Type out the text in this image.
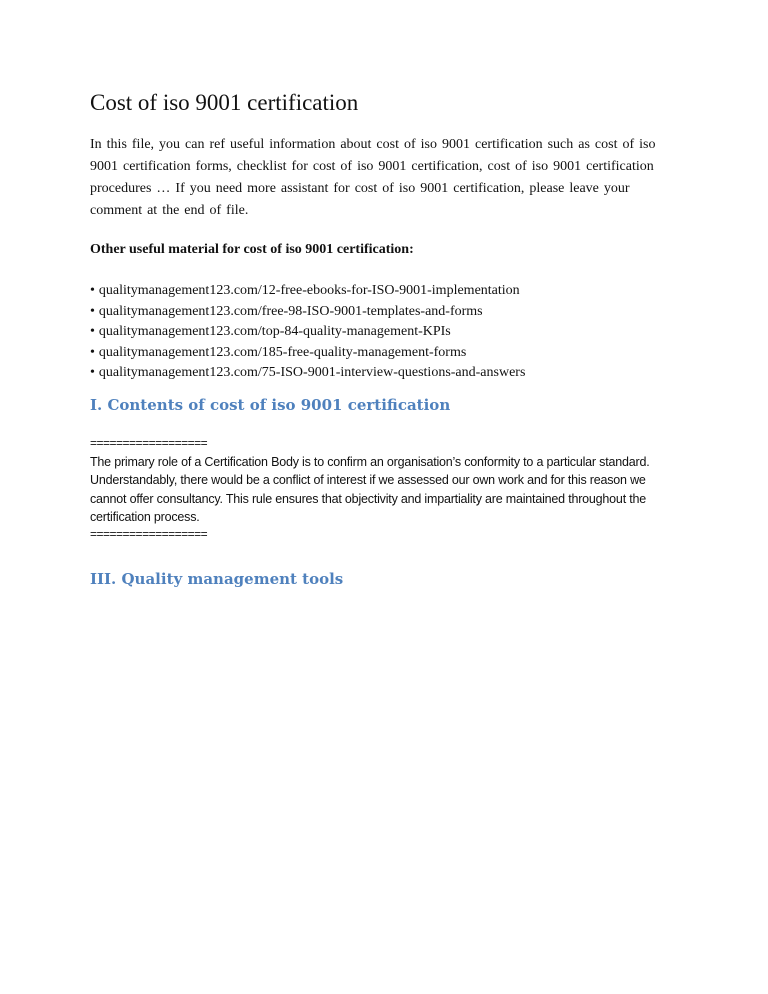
Cost of iso 9001 certification

In this file, you can ref useful information about cost of iso 9001 certification such as cost of iso 9001 certification forms, checklist for cost of iso 9001 certification, cost of iso 9001 certification procedures … If you need more assistant for cost of iso 9001 certification, please leave your comment at the end of file.

Other useful material for cost of iso 9001 certification:

• qualitymanagement123.com/12-free-ebooks-for-ISO-9001-implementation
• qualitymanagement123.com/free-98-ISO-9001-templates-and-forms
• qualitymanagement123.com/top-84-quality-management-KPIs
• qualitymanagement123.com/185-free-quality-management-forms
• qualitymanagement123.com/75-ISO-9001-interview-questions-and-answers
I. Contents of cost of iso 9001 certification

==================

The primary role of a Certification Body is to confirm an organisation’s conformity to a particular standard. Understandably, there would be a conflict of interest if we assessed our own work and for this reason we cannot offer consultancy. This rule ensures that objectivity and impartiality are maintained throughout the certification process.

==================

III. Quality management tools
